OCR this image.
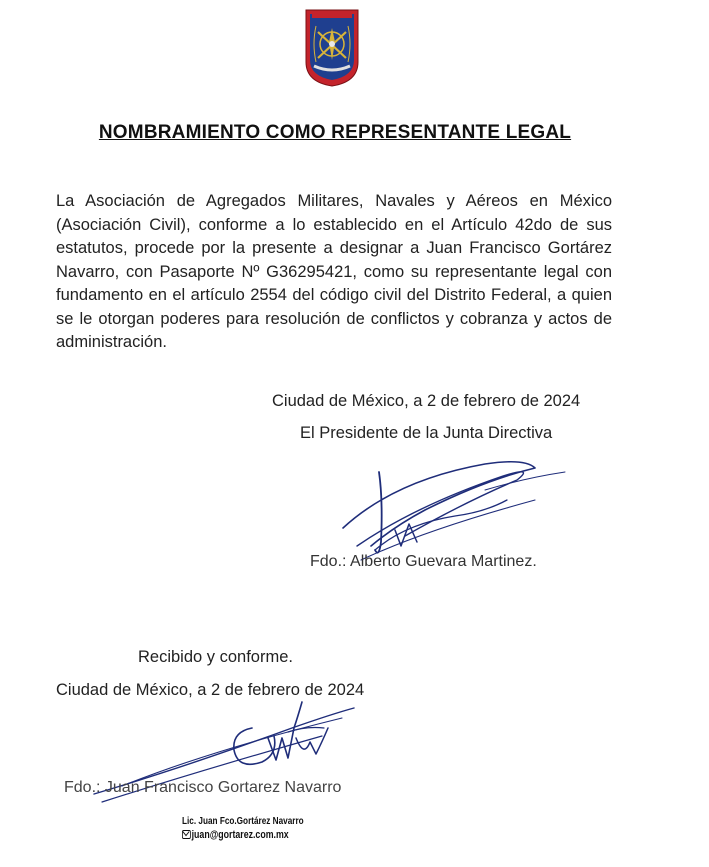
NOMBRAMIENTO COMO REPRESENTANTE LEGAL
La Asociación de Agregados Militares, Navales y Aéreos en México (Asociación Civil), conforme a lo establecido en el Artículo 42do de sus estatutos, procede por la presente a designar a Juan Francisco Gortárez Navarro, con Pasaporte Nº G36295421, como su representante legal con fundamento en el artículo 2554 del código civil del Distrito Federal, a quien se le otorgan poderes para resolución de conflictos y cobranza y actos de administración.
Ciudad de México, a 2 de febrero de 2024
El Presidente de la Junta Directiva
Fdo.: Alberto Guevara Martinez.
Recibido y conforme.
Ciudad de México, a 2 de febrero de 2024
Fdo.: Juan Francisco Gortarez Navarro
Lic. Juan Fco.Gortárez Navarro
juan@gortarez.com.mx
